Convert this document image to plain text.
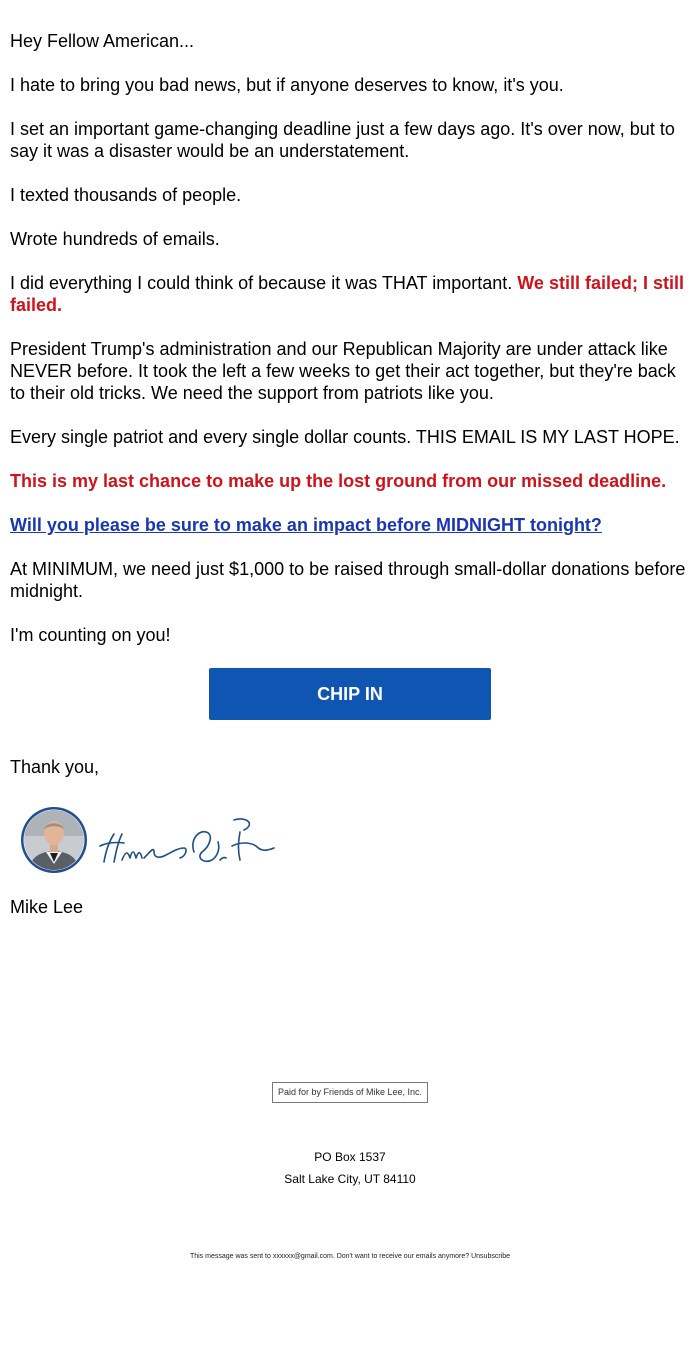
Hey Fellow American...

I hate to bring you bad news, but if anyone deserves to know, it's you.

I set an important game-changing deadline just a few days ago. It's over now, but to say it was a disaster would be an understatement.

I texted thousands of people.

Wrote hundreds of emails.

I did everything I could think of because it was THAT important. We still failed; I still failed.

President Trump's administration and our Republican Majority are under attack like NEVER before. It took the left a few weeks to get their act together, but they're back to their old tricks. We need the support from patriots like you.

Every single patriot and every single dollar counts. THIS EMAIL IS MY LAST HOPE.

This is my last chance to make up the lost ground from our missed deadline.

Will you please be sure to make an impact before MIDNIGHT tonight?

At MINIMUM, we need just $1,000 to be raised through small-dollar donations before midnight.

I'm counting on you!

CHIP IN

Thank you,

Mike Lee

Paid for by Friends of Mike Lee, Inc.
PO Box 1537
Salt Lake City, UT 84110
This message was sent to xxxxxx@gmail.com. Don't want to receive our emails anymore? Unsubscribe
